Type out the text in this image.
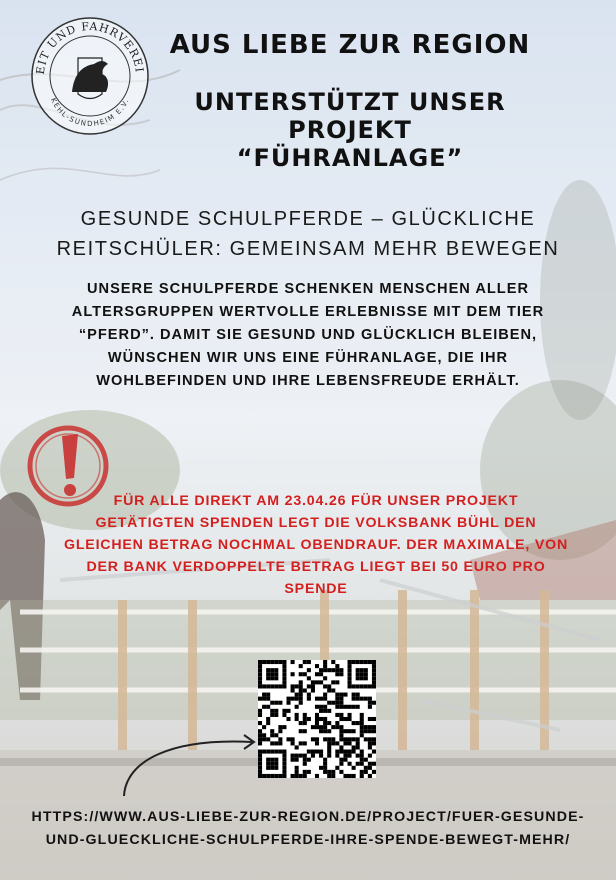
EIT UND FAHRVEREI
KEHL-SUNDHEIM E.V.
AUS LIEBE ZUR REGION
UNTERSTÜTZT UNSER PROJEKT
“FÜHRANLAGE”
GESUNDE SCHULPFERDE – GLÜCKLICHE REITSCHÜLER: GEMEINSAM MEHR BEWEGEN
UNSERE SCHULPFERDE SCHENKEN MENSCHEN ALLER ALTERSGRUPPEN WERTVOLLE ERLEBNISSE MIT DEM TIER “PFERD”. DAMIT SIE GESUND UND GLÜCKLICH BLEIBEN, WÜNSCHEN WIR UNS EINE FÜHRANLAGE, DIE IHR WOHLBEFINDEN UND IHRE LEBENSFREUDE ERHÄLT.
FÜR ALLE DIREKT AM 23.04.26 FÜR UNSER PROJEKT GETÄTIGTEN SPENDEN LEGT DIE VOLKSBANK BÜHL DEN GLEICHEN BETRAG NOCHMAL OBENDRAUF. DER MAXIMALE, VON DER BANK VERDOPPELTE BETRAG LIEGT BEI 50 EURO PRO SPENDE
HTTPS://WWW.AUS-LIEBE-ZUR-REGION.DE/PROJECT/FUER-GESUNDE-UND-GLUECKLICHE-SCHULPFERDE-IHRE-SPENDE-BEWEGT-MEHR/
